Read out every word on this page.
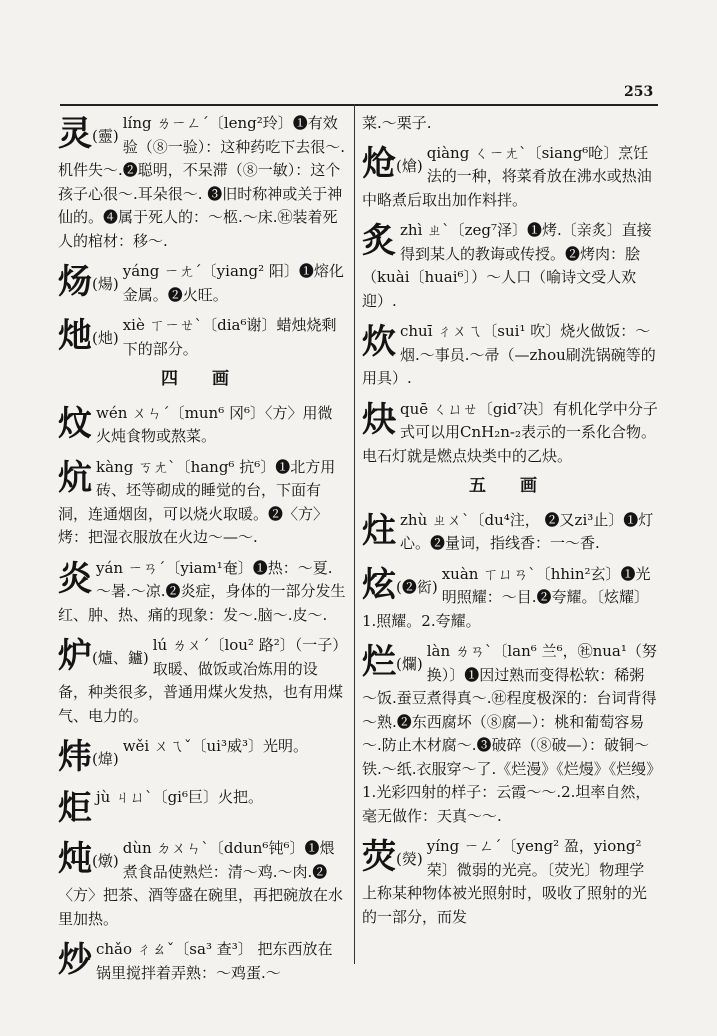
253
灵(靈)
líng ㄌㄧㄥˊ〔leng²玲〕❶有效验（⑧一验）：这种药吃下去很～.机件失～.❷聪明，不呆滞（⑧一敏）：这个孩子心很～.耳朵很～. ❸旧时称神或关于神仙的。❹属于死人的：～柩.～床.㊓装着死人的棺材：移～.
炀(煬)
yáng ㄧㄤˊ〔yiang² 阳〕❶熔化金属。❷火旺。
灺(灺)
xiè ㄒㄧㄝˋ〔dia⁶谢〕蜡烛烧剩下的部分。
四 画
炆wén ㄨㄣˊ〔mun⁶ 冈⁶〕〈方〉用微火炖食物或熬菜。
炕kàng ㄎㄤˋ〔hang⁶ 抗⁶〕❶北方用砖、坯等砌成的睡觉的台，下面有洞，连通烟囱，可以烧火取暖。❷〈方〉烤：把湿衣服放在火边～—～.
炎yán ㄧㄢˊ〔yiam¹奄〕❶热：～夏.～暑.～凉.❷炎症，身体的一部分发生红、肿、热、痛的现象：发～.脑～.皮～.
炉(爐、鑪)
lú ㄌㄨˊ〔lou² 路²〕（一子）取暖、做饭或冶炼用的设备，种类很多，普通用煤火发热，也有用煤气、电力的。
炜(煒)
wěi ㄨㄟˇ〔ui³威³〕光明。
炬jù ㄐㄩˋ〔gi⁶巨〕火把。
炖(燉)
dùn ㄉㄨㄣˋ〔ddun⁶钝⁶〕❶煨煮食品使熟烂：清～鸡.～肉.❷〈方〉把茶、酒等盛在碗里，再把碗放在水里加热。
炒chǎo ㄔㄠˇ〔sa³ 查³〕 把东西放在锅里搅拌着弄熟：～鸡蛋.～
菜.～栗子.
炝(熗)
qiàng ㄑㄧㄤˋ〔siang⁶呛〕烹饪法的一种，将菜肴放在沸水或热油中略煮后取出加作料拌。
炙zhì ㄓˋ〔zeg⁷泽〕❶烤.〔亲炙〕直接得到某人的教诲或传授。❷烤肉：脍（kuài〔huai⁶〕）～人口（喻诗文受人欢迎）.
炊chuī ㄔㄨㄟ〔sui¹ 吹〕烧火做饭：～烟.～事员.～帚（—zhou刷洗锅碗等的用具）.
炔quē ㄑㄩㄝ〔gid⁷决〕有机化学中分子式可以用CnH₂n-₂表示的一系化合物。电石灯就是燃点炔类中的乙炔。
五 画
炷zhù ㄓㄨˋ〔du⁴注， ❷又zi³止〕❶灯心。❷量词，指线香：一～香.
炫(❷衒)
xuàn ㄒㄩㄢˋ〔hhin²玄〕❶光明照耀：～目.❷夸耀。〔炫耀〕1.照耀。2.夸耀。
烂(爛)
làn ㄌㄢˋ〔lan⁶ 兰⁶，㊓nua¹（努换）〕❶因过熟而变得松软：稀粥～饭.蚕豆煮得真～.㊓程度极深的：台词背得～熟.❷东西腐坏（⑧腐—）：桃和葡萄容易～.防止木材腐～.❸破碎（⑧破—）：破铜～铁.～纸.衣服穿～了.《烂漫》《烂熳》《烂缦》1.光彩四射的样子：云霞～～.2.坦率自然，毫无做作：天真～～.
荧(熒)
yíng ㄧㄥˊ〔yeng² 盈，yiong²荣〕微弱的光亮。〔荧光〕物理学上称某种物体被光照射时，吸收了照射的光的一部分，而发
